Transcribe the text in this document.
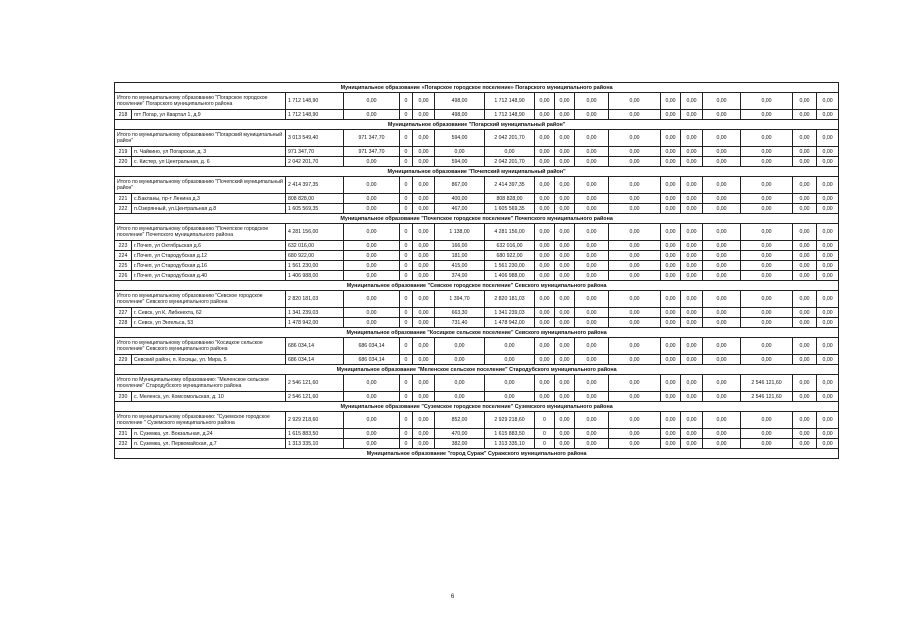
Муниципальное образование «Погарское городское поселение» Погарского муниципального района																	
Итого по муниципальному образованию "Погарское городское поселение" Погарского муниципального района		1 712 148,90	0,00	0	0,00	498,00	1 712 148,90	0,00	0,00	0,00	0,00	0,00	0,00	0,00	0,00	0,00	0,00
218	пгт Погар, ул Квартал 1, д.9	1 712 148,90	0,00	0	0,00	498,00	1 712 148,90	0,00	0,00	0,00	0,00	0,00	0,00	0,00	0,00	0,00	0,00
Муниципальное образование "Погарский муниципальный район"																	
Итого по муниципальному образованию "Погарский муниципальный район"		3 013 549,40	971 347,70	0	0,00	594,00	2 042 201,70	0,00	0,00	0,00	0,00	0,00	0,00	0,00	0,00	0,00	0,00
219	п. Чайкино, ул Погарская, д. 3	971 347,70	971 347,70	0	0,00	0,00	0,00	0,00	0,00	0,00	0,00	0,00	0,00	0,00	0,00	0,00	0,00
220	с. Кистер, ул Центральная, д. 6	2 042 201,70	0,00	0	0,00	594,00	2 042 201,70	0,00	0,00	0,00	0,00	0,00	0,00	0,00	0,00	0,00	0,00
Муниципальное образование "Почепский муниципальный район"																	
Итого по муниципальному образованию "Почепский муниципальный район"		2 414 397,35	0,00	0	0,00	867,00	2 414 397,35	0,00	0,00	0,00	0,00	0,00	0,00	0,00	0,00	0,00	0,00
221	с.Бакланы, пр-т Ленина д.3	808 828,00	0,00	0	0,00	400,00	808 828,00	0,00	0,00	0,00	0,00	0,00	0,00	0,00	0,00	0,00	0,00
222	п.Озерянный, ул.Центральная д.8	1 605 569,35	0,00	0	0,00	467,00	1 605 569,35	0,00	0,00	0,00	0,00	0,00	0,00	0,00	0,00	0,00	0,00
Муниципальное образование "Почепское городское поселение" Почепского муниципального района																	
Итого по муниципальному образованию "Почепское городское поселение" Почепского муниципального района		4 281 156,00	0,00	0	0,00	1 138,00	4 281 156,00	0,00	0,00	0,00	0,00	0,00	0,00	0,00	0,00	0,00	0,00
223	г.Почеп, ул Октябрьская д.6	632 016,00	0,00	0	0,00	166,00	632 016,00	0,00	0,00	0,00	0,00	0,00	0,00	0,00	0,00	0,00	0,00
224	г.Почеп, ул Стародубская д.12	680 922,00	0,00	0	0,00	181,00	680 922,00	0,00	0,00	0,00	0,00	0,00	0,00	0,00	0,00	0,00	0,00
225	г.Почеп, ул Стародубская д.16	1 561 230,00	0,00	0	0,00	415,00	1 561 230,00	0,00	0,00	0,00	0,00	0,00	0,00	0,00	0,00	0,00	0,00
226	г.Почеп, ул Стародубская д.40	1 406 988,00	0,00	0	0,00	374,00	1 406 988,00	0,00	0,00	0,00	0,00	0,00	0,00	0,00	0,00	0,00	0,00
Муниципальное образование "Севское городское поселение" Севского муниципального района																	
Итого по муниципальному образованию "Севское городское поселение" Севского муниципального района		2 820 181,03	0,00	0	0,00	1 394,70	2 820 181,03	0,00	0,00	0,00	0,00	0,00	0,00	0,00	0,00	0,00	0,00
227	г. Севск, ул К. Либкнехта, 62	1 341 239,03	0,00	0	0,00	663,30	1 341 239,03	0,00	0,00	0,00	0,00	0,00	0,00	0,00	0,00	0,00	0,00
228	г. Севск, ул Энгельса, 53	1 478 942,00	0,00	0	0,00	731,40	1 478 942,00	0,00	0,00	0,00	0,00	0,00	0,00	0,00	0,00	0,00	0,00
Муниципальное образование "Косицкое сельское поселение" Севского муниципального района																	
Итого по муниципальному образованию "Косицкое сельское поселение" Севского муниципального района		686 034,14	686 034,14	0	0,00	0,00	0,00	0,00	0,00	0,00	0,00	0,00	0,00	0,00	0,00	0,00	0,00
229	Севский район, п. Косицы, ул. Мира, 5	686 034,14	686 034,14	0	0,00	0,00	0,00	0,00	0,00	0,00	0,00	0,00	0,00	0,00	0,00	0,00	0,00
Муниципальное образование "Меленское сельское поселение" Стародубского муниципального района																	
Итого по Муниципальному образованию: "Меленское сельское поселение" Стародубского муниципального района		2 546 121,60	0,00	0	0,00	0,00	0,00	0,00	0,00	0,00	0,00	0,00	0,00	0,00	2 546 121,60	0,00	0,00
230	с. Меленск, ул. Комсомольская, д. 10	2 546 121,60	0,00	0	0,00	0,00	0,00	0,00	0,00	0,00	0,00	0,00	0,00	0,00	2 546 121,60	0,00	0,00
Муниципальное образование "Суземское городское поселение" Суземского муниципального района																	
Итого по муниципальному образованию: "Суземское городское поселение " Суземского муниципального района		2 929 218,60	0,00	0	0,00	852,00	2 929 218,60	0	0,00	0,00	0,00	0,00	0,00	0,00	0,00	0,00	0,00
231	п. Суземка, ул. Вокзальная, д.24	1 615 883,50	0,00	0	0,00	470,00	1 615 883,50	0	0,00	0,00	0,00	0,00	0,00	0,00	0,00	0,00	0,00
232	п. Суземка, ул. Первомайская, д.7	1 313 335,10	0,00	0	0,00	382,00	1 313 335,10	0	0,00	0,00	0,00	0,00	0,00	0,00	0,00	0,00	0,00
Муниципальное образование "город Сураж" Суражского муниципального района																	
6
